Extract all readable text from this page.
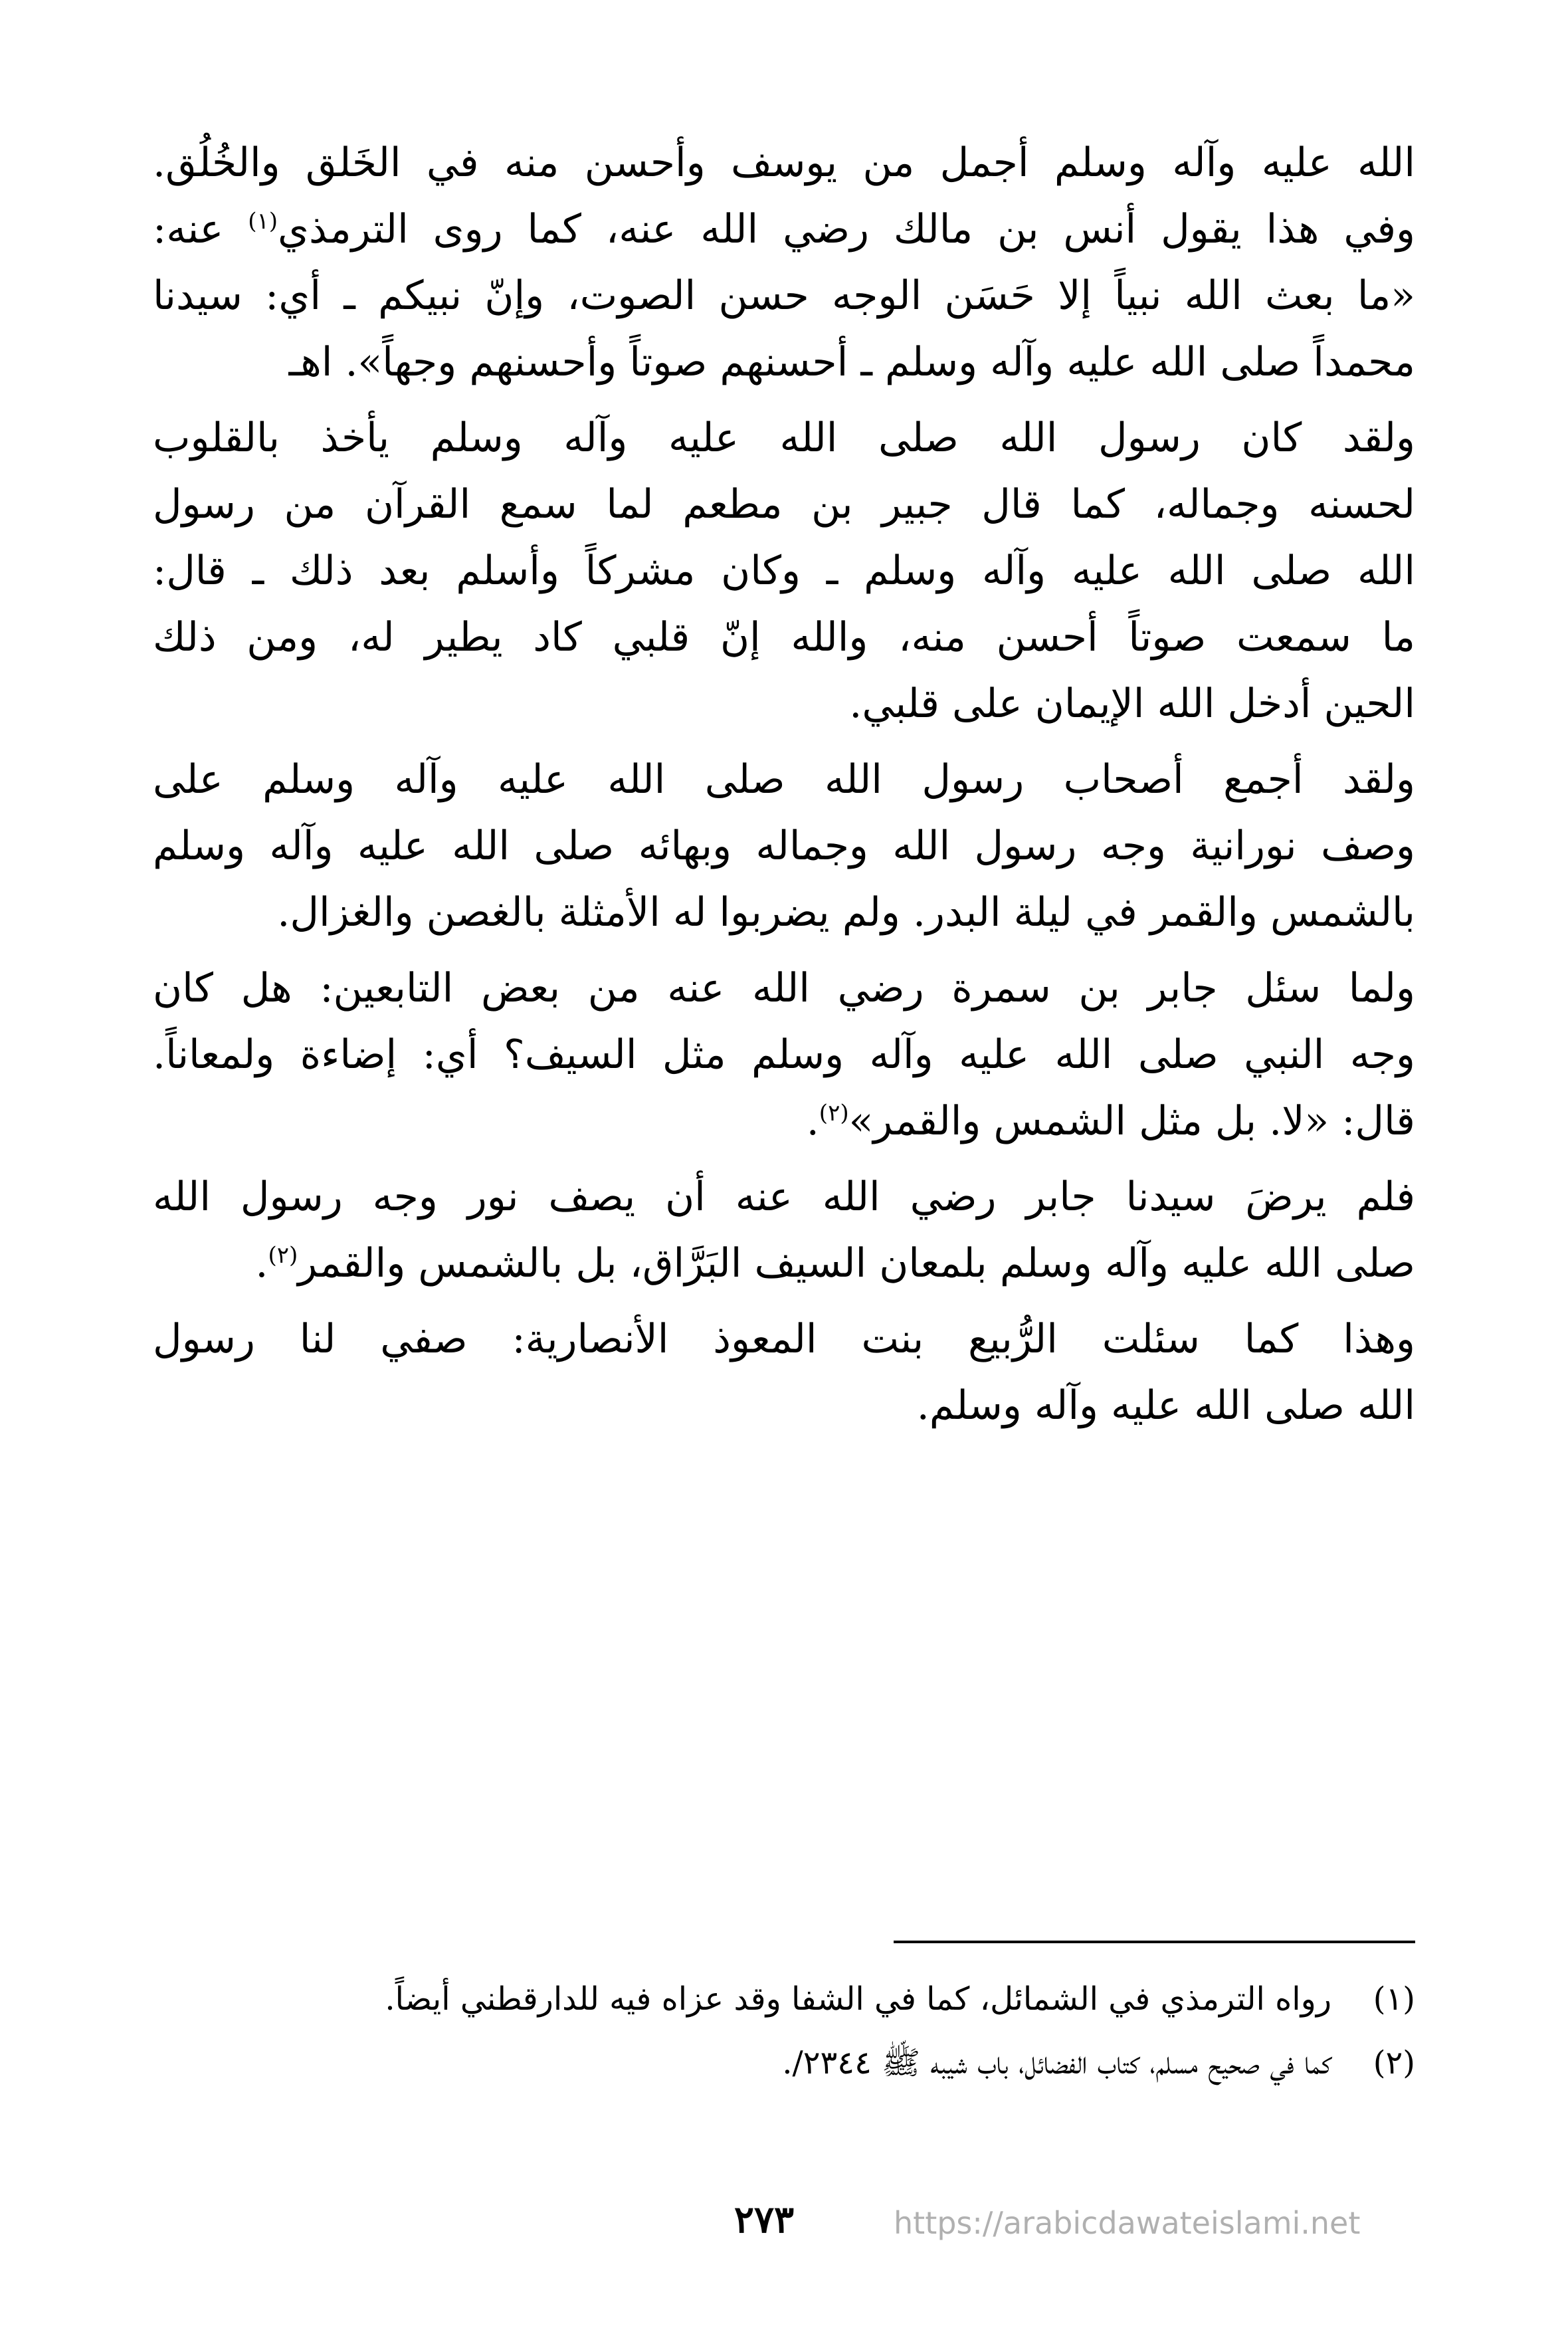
الله عليه وآله وسلم أجمل من يوسف وأحسن منه في الخَلق والخُلُق.
وفي هذا يقول أنس بن مالك رضي الله عنه، كما روى الترمذي$^{(١)}$ عنه:
«ما بعث الله نبياً إلا حَسَن الوجه حسن الصوت، وإنّ نبيكم ـ أي: سيدنا
محمداً صلى الله عليه وآله وسلم ـ أحسنهم صوتاً وأحسنهم وجهاً». اهـ
ولقد كان رسول الله صلى الله عليه وآله وسلم يأخذ بالقلوب
لحسنه وجماله، كما قال جبير بن مطعم لما سمع القرآن من رسول
الله صلى الله عليه وآله وسلم ـ وكان مشركاً وأسلم بعد ذلك ـ قال:
ما سمعت صوتاً أحسن منه، والله إنّ قلبي كاد يطير له، ومن ذلك
الحين أدخل الله الإيمان على قلبي.
ولقد أجمع أصحاب رسول الله صلى الله عليه وآله وسلم على
وصف نورانية وجه رسول الله وجماله وبهائه صلى الله عليه وآله وسلم
بالشمس والقمر في ليلة البدر. ولم يضربوا له الأمثلة بالغصن والغزال.
ولما سئل جابر بن سمرة رضي الله عنه من بعض التابعين: هل كان
وجه النبي صلى الله عليه وآله وسلم مثل السيف؟ أي: إضاءة ولمعاناً.
قال: «لا. بل مثل الشمس والقمر»$^{(٢)}$.
فلم يرضَ سيدنا جابر رضي الله عنه أن يصف نور وجه رسول الله
صلى الله عليه وآله وسلم بلمعان السيف البَرَّاق، بل بالشمس والقمر$^{(٢)}$.
وهذا كما سئلت الرُّبيع بنت المعوذ الأنصارية: صفي لنا رسول
الله صلى الله عليه وآله وسلم.
(١)
رواه الترمذي في الشمائل، كما في الشفا وقد عزاه فيه للدارقطني أيضاً.
(٢)
كما في صحيح مسلم، كتاب الفضائل، باب شيبه ﷺ ٢٣٤٤/.
٢٧٣	https://arabicdawateislami.net
